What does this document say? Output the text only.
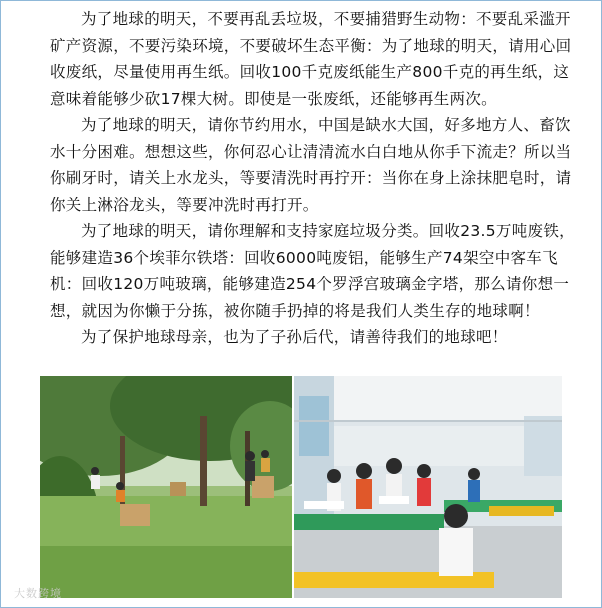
为了地球的明天，不要再乱丢垃圾，不要捕猎野生动物：不要乱采滥开矿产资源，不要污染环境，不要破坏生态平衡：为了地球的明天，请用心回收废纸，尽量使用再生纸。回收100千克废纸能生产800千克的再生纸，这意味着能够少砍17棵大树。即使是一张废纸，还能够再生两次。

为了地球的明天，请你节约用水，中国是缺水大国，好多地方人、畜饮水十分困难。想想这些，你何忍心让清清流水白白地从你手下流走？所以当你刷牙时，请关上水龙头，等要清洗时再拧开：当你在身上涂抹肥皂时，请你关上淋浴龙头，等要冲洗时再打开。

为了地球的明天，请你理解和支持家庭垃圾分类。回收23.5万吨废铁，能够建造36个埃菲尔铁塔：回收6000吨废铝，能够生产74架空中客车飞机：回收120万吨玻璃，能够建造254个罗浮宫玻璃金字塔，那么请你想一想，就因为你懒于分拣，被你随手扔掉的将是我们人类生存的地球啊！

为了保护地球母亲，也为了子孙后代，请善待我们的地球吧！

大数跨境
